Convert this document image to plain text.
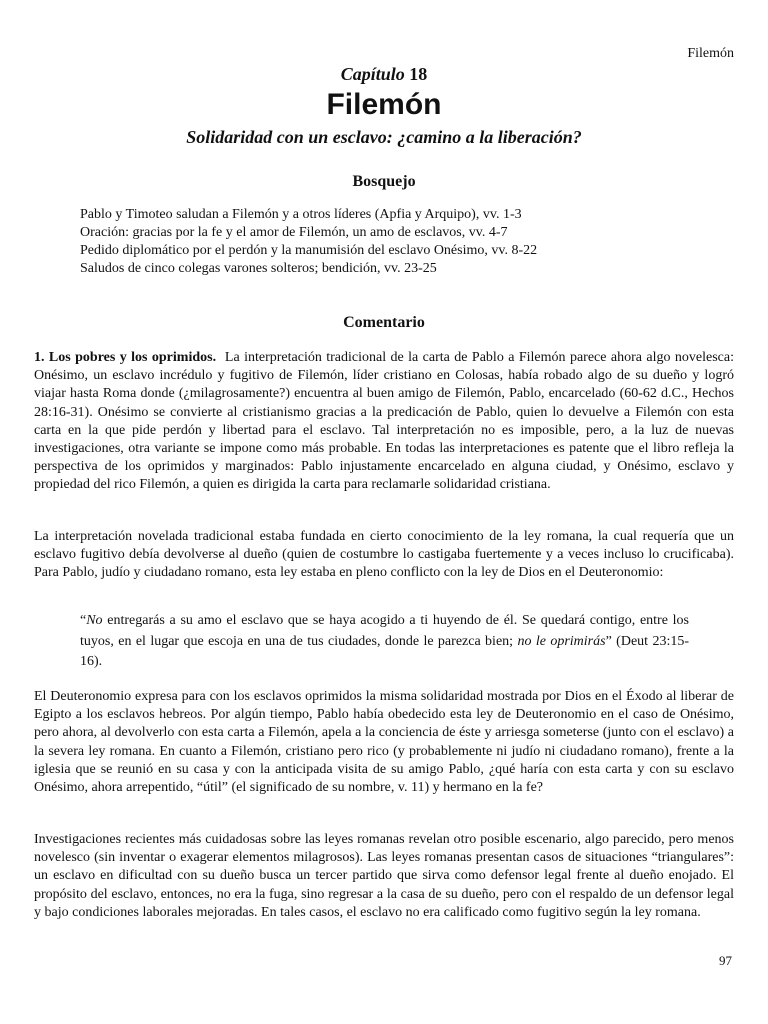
Filemón
Capítulo 18
Filemón
Solidaridad con un esclavo: ¿camino a la liberación?
Bosquejo
Pablo y Timoteo saludan a Filemón y a otros líderes (Apfia y Arquipo), vv. 1-3
Oración: gracias por la fe y el amor de Filemón, un amo de esclavos, vv. 4-7
Pedido diplomático por el perdón y la manumisión del esclavo Onésimo, vv. 8-22
Saludos de cinco colegas varones solteros; bendición, vv. 23-25
Comentario

1. Los pobres y los oprimidos. La interpretación tradicional de la carta de Pablo a Filemón parece ahora algo novelesca: Onésimo, un esclavo incrédulo y fugitivo de Filemón, líder cristiano en Colosas, había robado algo de su dueño y logró viajar hasta Roma donde (¿milagrosamente?) encuentra al buen amigo de Filemón, Pablo, encarcelado (60-62 d.C., Hechos 28:16-31). Onésimo se convierte al cristianismo gracias a la predicación de Pablo, quien lo devuelve a Filemón con esta carta en la que pide perdón y libertad para el esclavo. Tal interpretación no es imposible, pero, a la luz de nuevas investigaciones, otra variante se impone como más probable. En todas las interpretaciones es patente que el libro refleja la perspectiva de los oprimidos y marginados: Pablo injustamente encarcelado en alguna ciudad, y Onésimo, esclavo y propiedad del rico Filemón, a quien es dirigida la carta para reclamarle solidaridad cristiana.

La interpretación novelada tradicional estaba fundada en cierto conocimiento de la ley romana, la cual requería que un esclavo fugitivo debía devolverse al dueño (quien de costumbre lo castigaba fuertemente y a veces incluso lo crucificaba). Para Pablo, judío y ciudadano romano, esta ley estaba en pleno conflicto con la ley de Dios en el Deuteronomio:

“No entregarás a su amo el esclavo que se haya acogido a ti huyendo de él. Se quedará contigo, entre los tuyos, en el lugar que escoja en una de tus ciudades, donde le parezca bien; no le oprimirás” (Deut 23:15-16).

El Deuteronomio expresa para con los esclavos oprimidos la misma solidaridad mostrada por Dios en el Éxodo al liberar de Egipto a los esclavos hebreos. Por algún tiempo, Pablo había obedecido esta ley de Deuteronomio en el caso de Onésimo, pero ahora, al devolverlo con esta carta a Filemón, apela a la conciencia de éste y arriesga someterse (junto con el esclavo) a la severa ley romana. En cuanto a Filemón, cristiano pero rico (y probablemente ni judío ni ciudadano romano), frente a la iglesia que se reunió en su casa y con la anticipada visita de su amigo Pablo, ¿qué haría con esta carta y con su esclavo Onésimo, ahora arrepentido, “útil” (el significado de su nombre, v. 11) y hermano en la fe?

Investigaciones recientes más cuidadosas sobre las leyes romanas revelan otro posible escenario, algo parecido, pero menos novelesco (sin inventar o exagerar elementos milagrosos). Las leyes romanas presentan casos de situaciones “triangulares”: un esclavo en dificultad con su dueño busca un tercer partido que sirva como defensor legal frente al dueño enojado. El propósito del esclavo, entonces, no era la fuga, sino regresar a la casa de su dueño, pero con el respaldo de un defensor legal y bajo condiciones laborales mejoradas. En tales casos, el esclavo no era calificado como fugitivo según la ley romana.

97
